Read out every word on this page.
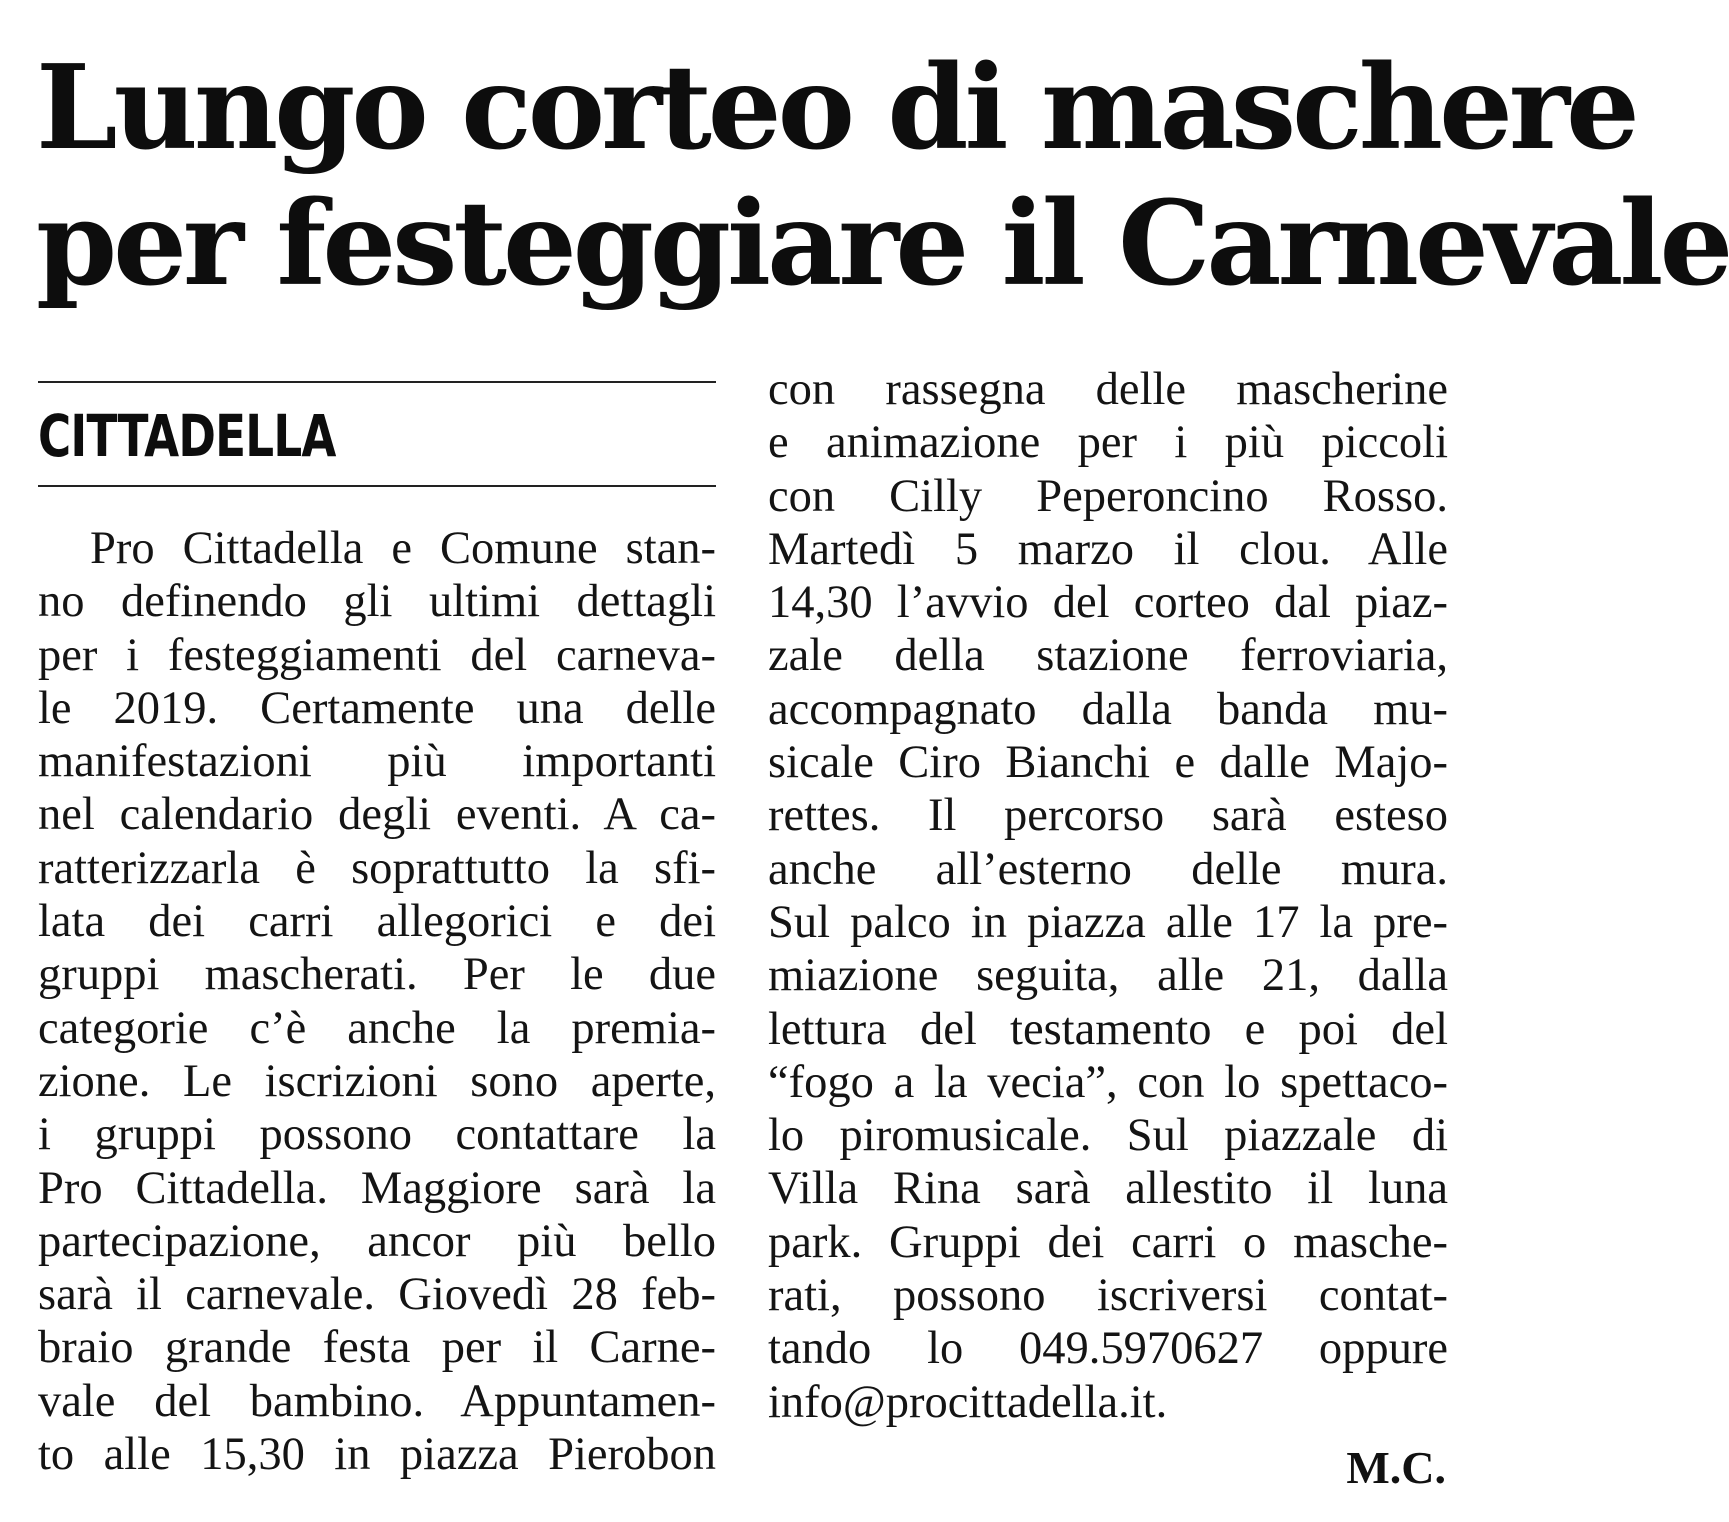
Lungo corteo di maschere
per festeggiare il Carnevale
CITTADELLA
Pro Cittadella e Comune stan-
no definendo gli ultimi dettagli
per i festeggiamenti del carneva-
le 2019. Certamente una delle
manifestazioni più importanti
nel calendario degli eventi. A ca-
ratterizzarla è soprattutto la sfi-
lata dei carri allegorici e dei
gruppi mascherati. Per le due
categorie c’è anche la premia-
zione. Le iscrizioni sono aperte,
i gruppi possono contattare la
Pro Cittadella. Maggiore sarà la
partecipazione, ancor più bello
sarà il carnevale. Giovedì 28 feb-
braio grande festa per il Carne-
vale del bambino. Appuntamen-
to alle 15,30 in piazza Pierobon
con rassegna delle mascherine
e animazione per i più piccoli
con Cilly Peperoncino Rosso.
Martedì 5 marzo il clou. Alle
14,30 l’avvio del corteo dal piaz-
zale della stazione ferroviaria,
accompagnato dalla banda mu-
sicale Ciro Bianchi e dalle Majo-
rettes. Il percorso sarà esteso
anche all’esterno delle mura.
Sul palco in piazza alle 17 la pre-
miazione seguita, alle 21, dalla
lettura del testamento e poi del
“fogo a la vecia”, con lo spettaco-
lo piromusicale. Sul piazzale di
Villa Rina sarà allestito il luna
park. Gruppi dei carri o masche-
rati, possono iscriversi contat-
tando lo 049.5970627 oppure
info@procittadella.it.
M.C.
